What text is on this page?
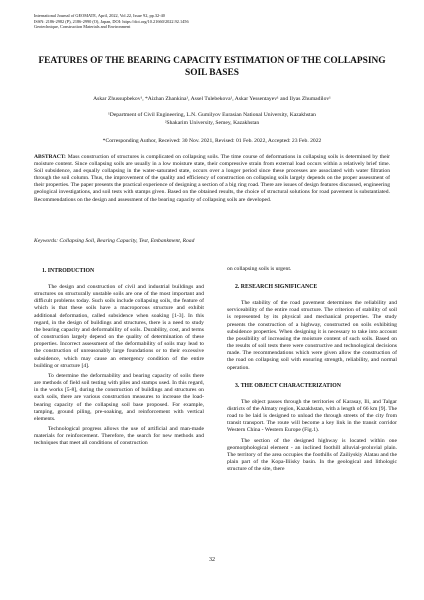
International Journal of GEOMATE, April, 2022, Vol.22, Issue 92, pp.32-40
ISSN: 2186-2982 (P), 2186-2990 (O), Japan, DOI: https://doi.org/10.21660/2022.92.1456
Geotechnique, Construction Materials and Environment
FEATURES OF THE BEARING CAPACITY ESTIMATION OF THE COLLAPSING SOIL BASES
Askar Zhussupbekov¹, *Aizhan Zhankina¹, Assel Tulebekova¹, Askar Yessentayev¹ and Ilyas Zhumadilov¹
¹Department of Civil Engineering, L.N. Gumilyov Eurasian National University, Kazakhstan
²Shakarim University, Semey, Kazakhstan
*Corresponding Author, Received: 30 Nov. 2021, Revised: 01 Feb. 2022, Accepted: 23 Feb. 2022
ABSTRACT: Mass construction of structures is complicated on collapsing soils. The time course of deformations in collapsing soils is determined by their moisture content. Since collapsing soils are usually in a low moisture state, their compressive strain from external load occurs within a relatively brief time. Soil subsidence, and equally collapsing in the water-saturated state, occurs over a longer period since these processes are associated with water filtration through the soil column. Thus, the improvement of the quality and efficiency of construction on collapsing soils largely depends on the proper assessment of their properties. The paper presents the practical experience of designing a section of a big ring road. There are issues of design features discussed, engineering geological investigations, and soil tests with stamps given. Based on the obtained results, the choice of structural solutions for road pavement is substantiated. Recommendations on the design and assessment of the bearing capacity of collapsing soils are developed.
Keywords: Collapsing Soil, Bearing Capacity, Test, Embankment, Road
1. INTRODUCTION

The design and construction of civil and industrial buildings and structures on structurally unstable soils are one of the most important and difficult problems today. Such soils include collapsing soils, the feature of which is that these soils have a macroporous structure and exhibit additional deformation, called subsidence when soaking [1-3]. In this regard, in the design of buildings and structures, there is a need to study the bearing capacity and deformability of soils. Durability, cost, and terms of construction largely depend on the quality of determination of these properties. Incorrect assessment of the deformability of soils may lead to the construction of unreasonably large foundations or to their excessive subsidence, which may cause an emergency condition of the entire building or structure [4].

To determine the deformability and bearing capacity of soils there are methods of field soil testing with piles and stamps used. In this regard, in the works [5-8], during the construction of buildings and structures on such soils, there are various construction measures to increase the load-bearing capacity of the collapsing soil base proposed. For example, tamping, ground piling, pre-soaking, and reinforcement with vertical elements.

Technological progress allows the use of artificial and man-made materials for reinforcement. Therefore, the search for new methods and techniques that meet all conditions of construction

on collapsing soils is urgent.

2. RESEARCH SIGNIFICANCE

The stability of the road pavement determines the reliability and serviceability of the entire road structure. The criterion of stability of soil is represented by its physical and mechanical properties. The study presents the construction of a highway, constructed on soils exhibiting subsidence properties. When designing it is necessary to take into account the possibility of increasing the moisture content of such soils. Based on the results of soil tests there were constructive and technological decisions made. The recommendations which were given allow the construction of the road on collapsing soil with ensuring strength, reliability, and normal operation.

3. THE OBJECT CHARACTERIZATION

The object passes through the territories of Karasay, Ili, and Talgar districts of the Almaty region, Kazakhstan, with a length of 66 km [9]. The road to be laid is designed to unload the through streets of the city from transit transport. The route will become a key link in the transit corridor Western China - Western Europe (Fig.1).

The section of the designed highway is located within one geomorphological element - an inclined foothill alluvial-proluvial plain. The territory of the area occupies the foothills of Zailiyskiy Alatau and the plain part of the Kopa-Iliisky basin. In the geological and lithologic structure of the site, there

32
